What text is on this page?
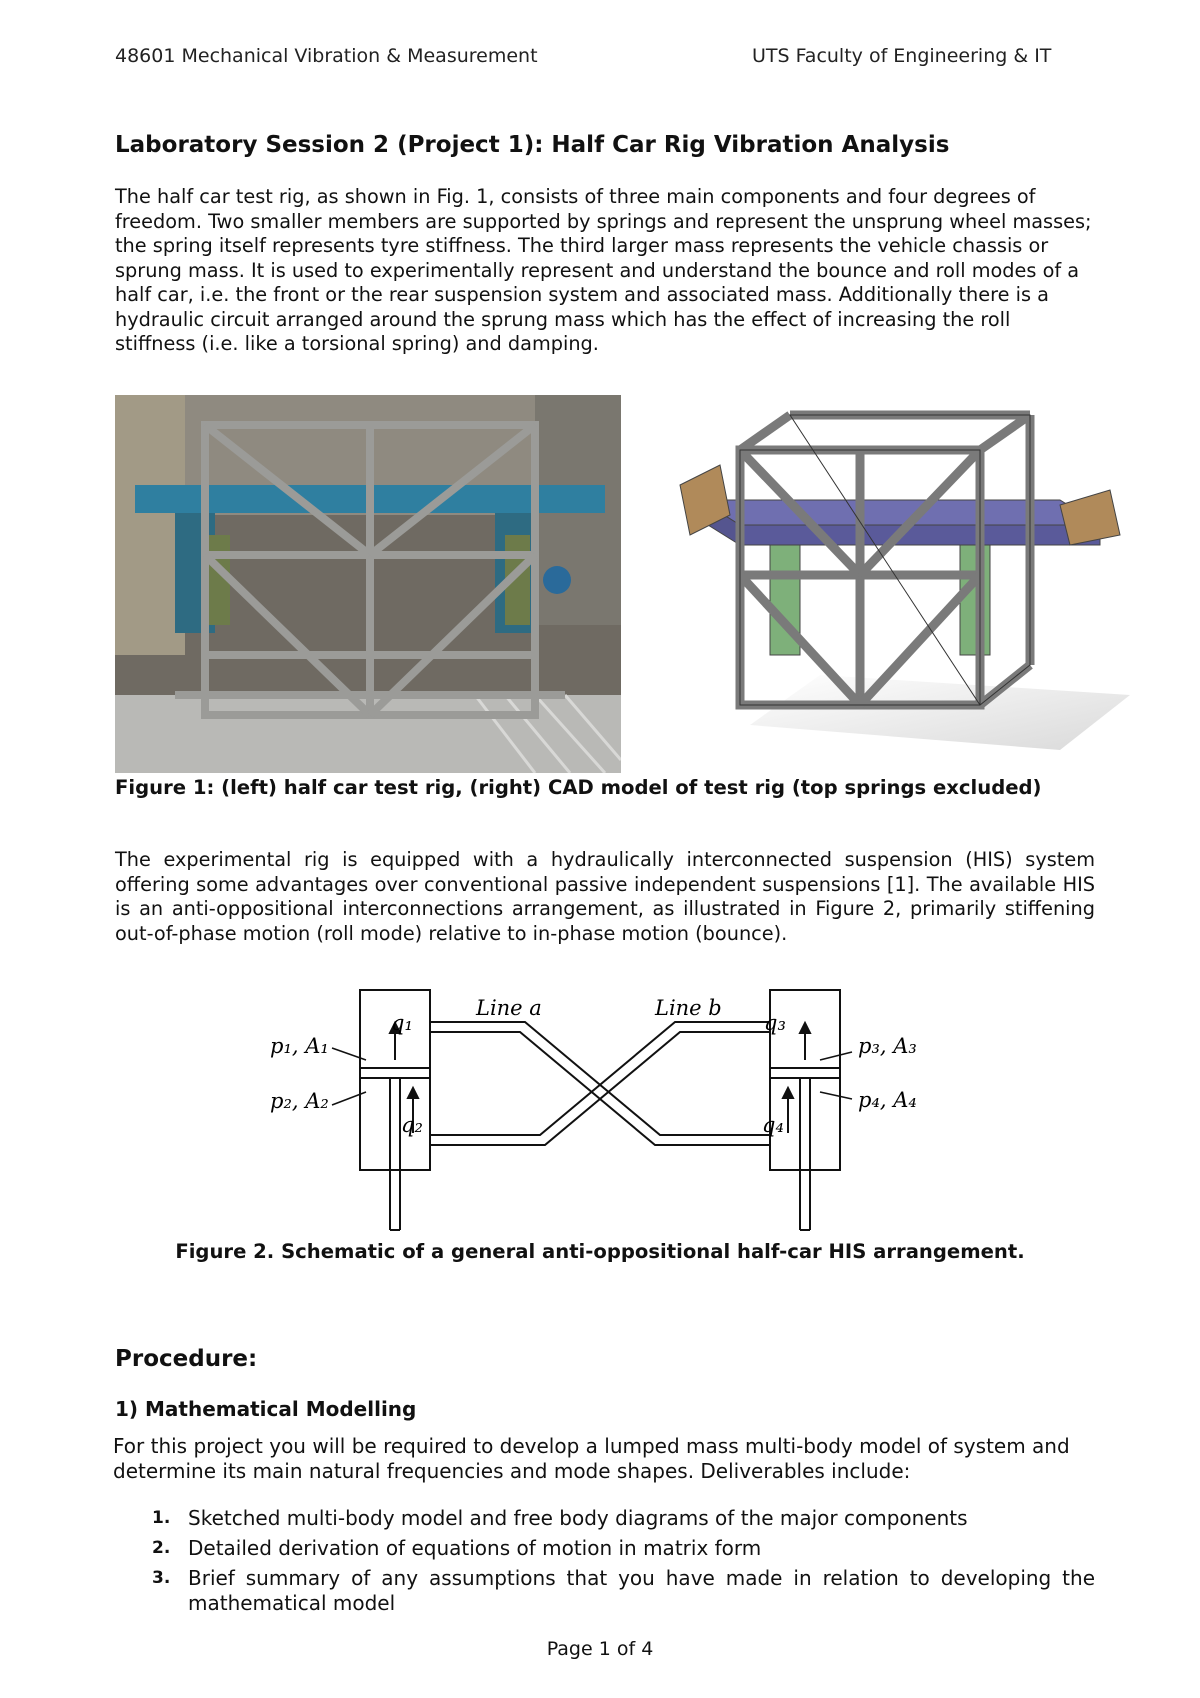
48601 Mechanical Vibration & Measurement	UTS Faculty of Engineering & IT
Laboratory Session 2 (Project 1): Half Car Rig Vibration Analysis

The half car test rig, as shown in Fig. 1, consists of three main components and four degrees of freedom. Two smaller members are supported by springs and represent the unsprung wheel masses; the spring itself represents tyre stiffness. The third larger mass represents the vehicle chassis or sprung mass. It is used to experimentally represent and understand the bounce and roll modes of a half car, i.e. the front or the rear suspension system and associated mass. Additionally there is a hydraulic circuit arranged around the sprung mass which has the effect of increasing the roll stiffness (i.e. like a torsional spring) and damping.

Figure 1: (left) half car test rig, (right) CAD model of test rig (top springs excluded)

The experimental rig is equipped with a hydraulically interconnected suspension (HIS) system offering some advantages over conventional passive independent suspensions [1]. The available HIS is an anti-oppositional interconnections arrangement, as illustrated in Figure 2, primarily stiffening out-of-phase motion (roll mode) relative to in-phase motion (bounce).

Line a	Line b
q₁
q₂
q₃
q₄
p₁, A₁
p₂, A₂
p₃, A₃
p₄, A₄
Figure 2. Schematic of a general anti-oppositional half-car HIS arrangement.
Procedure:
1) Mathematical Modelling

For this project you will be required to develop a lumped mass multi-body model of system and determine its main natural frequencies and mode shapes. Deliverables include:

1. Sketched multi-body model and free body diagrams of the major components
2. Detailed derivation of equations of motion in matrix form
3. Brief summary of any assumptions that you have made in relation to developing the mathematical model
Page 1 of 4
